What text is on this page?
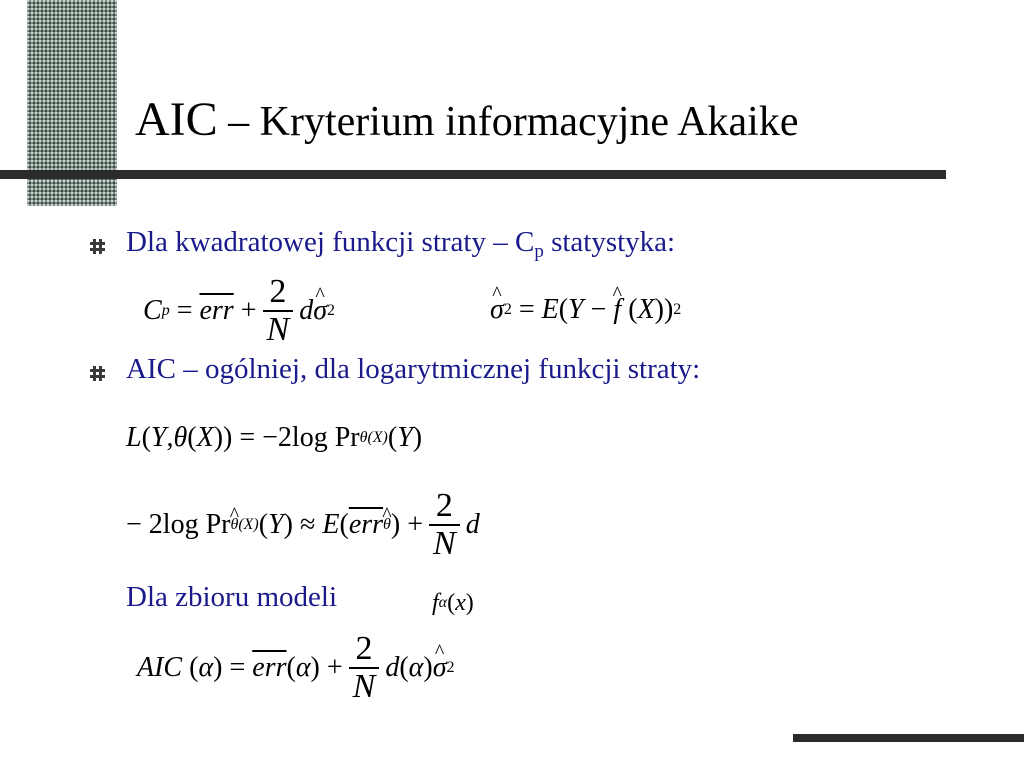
AIC – Kryterium informacyjne Akaike
Dla kwadratowej funkcji straty – $C_p$ statystyka:
C $p = \overline{err} + \frac{2}{N}$ d ^ σ 2	^ σ 2 = E ( Y − ^ f ( X )) 2
AIC – ogólniej, dla logarytmicznej funkcji straty:
L ( Y , θ ( X )) = −2log Pr θ(X) ( Y )
− 2log Pr ^ θ(X) ( Y ) ≈ E ( $\overline{err}$ ^ θ ) + $\frac{2}{N}$ d
Dla zbioru modeli	f α ( x )
AIC ( α ) = $\overline{err}$ ( α ) + $\frac{2}{N}$ d ( α ) ^ σ 2
